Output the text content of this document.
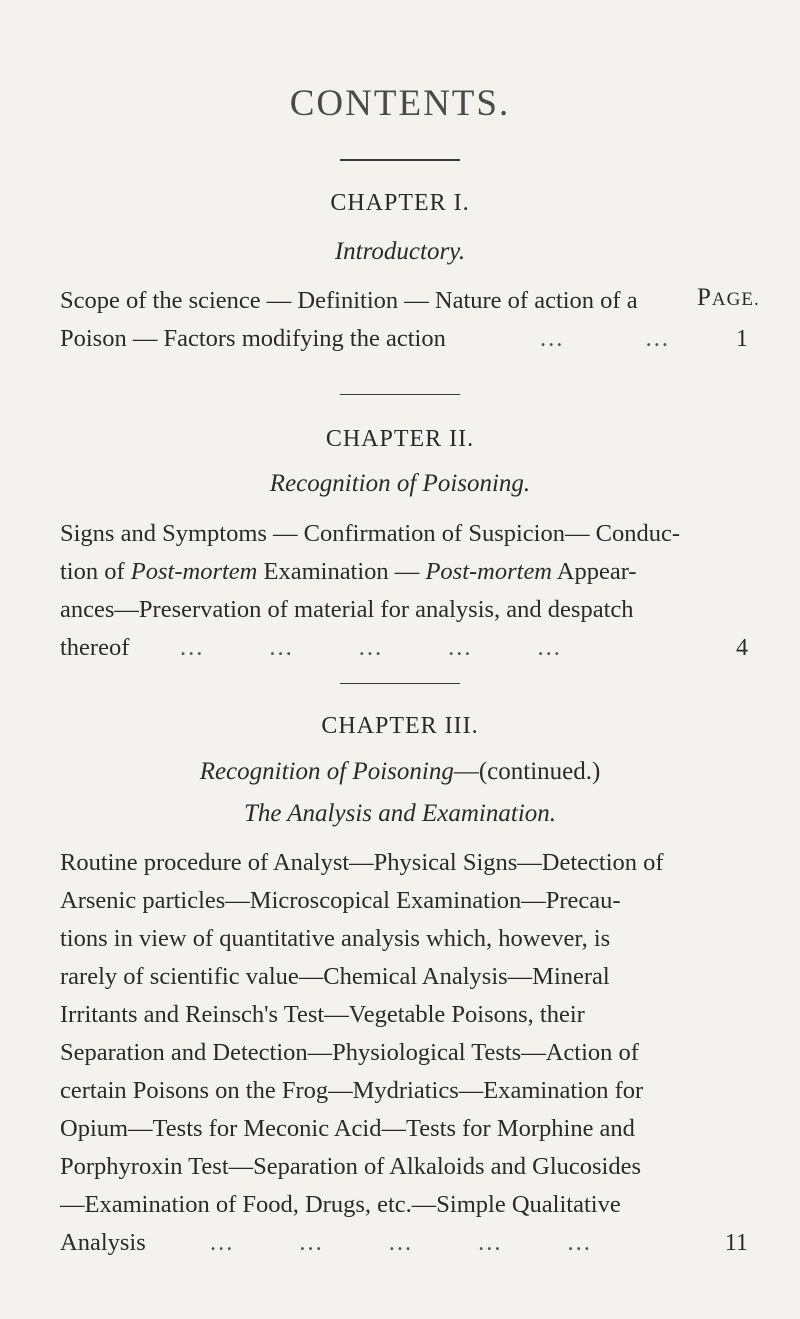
CONTENTS.
CHAPTER I.
Introductory.
PAGE.
Scope of the science — Definition — Nature of action of a
Poison — Factors modifying the action	...          ...	1
CHAPTER II.
Recognition of Poisoning.
Signs and Symptoms — Confirmation of Suspicion— Conduc-
tion of Post-mortem Examination — Post-mortem Appear-
ances—Preservation of material for analysis, and despatch
thereof ...        ...        ...        ...        ...	4
CHAPTER III.
Recognition of Poisoning—(continued.)
The Analysis and Examination.
Routine procedure of Analyst—Physical Signs—Detection of
Arsenic particles—Microscopical Examination—Precau-
tions in view of quantitative analysis which, however, is
rarely of scientific value—Chemical Analysis—Mineral
Irritants and Reinsch's Test—Vegetable Poisons, their
Separation and Detection—Physiological Tests—Action of
certain Poisons on the Frog—Mydriatics—Examination for
Opium—Tests for Meconic Acid—Tests for Morphine and
Porphyroxin Test—Separation of Alkaloids and Glucosides
—Examination of Food, Drugs, etc.—Simple Qualitative
Analysis	...        ...        ...        ...        ...	11
